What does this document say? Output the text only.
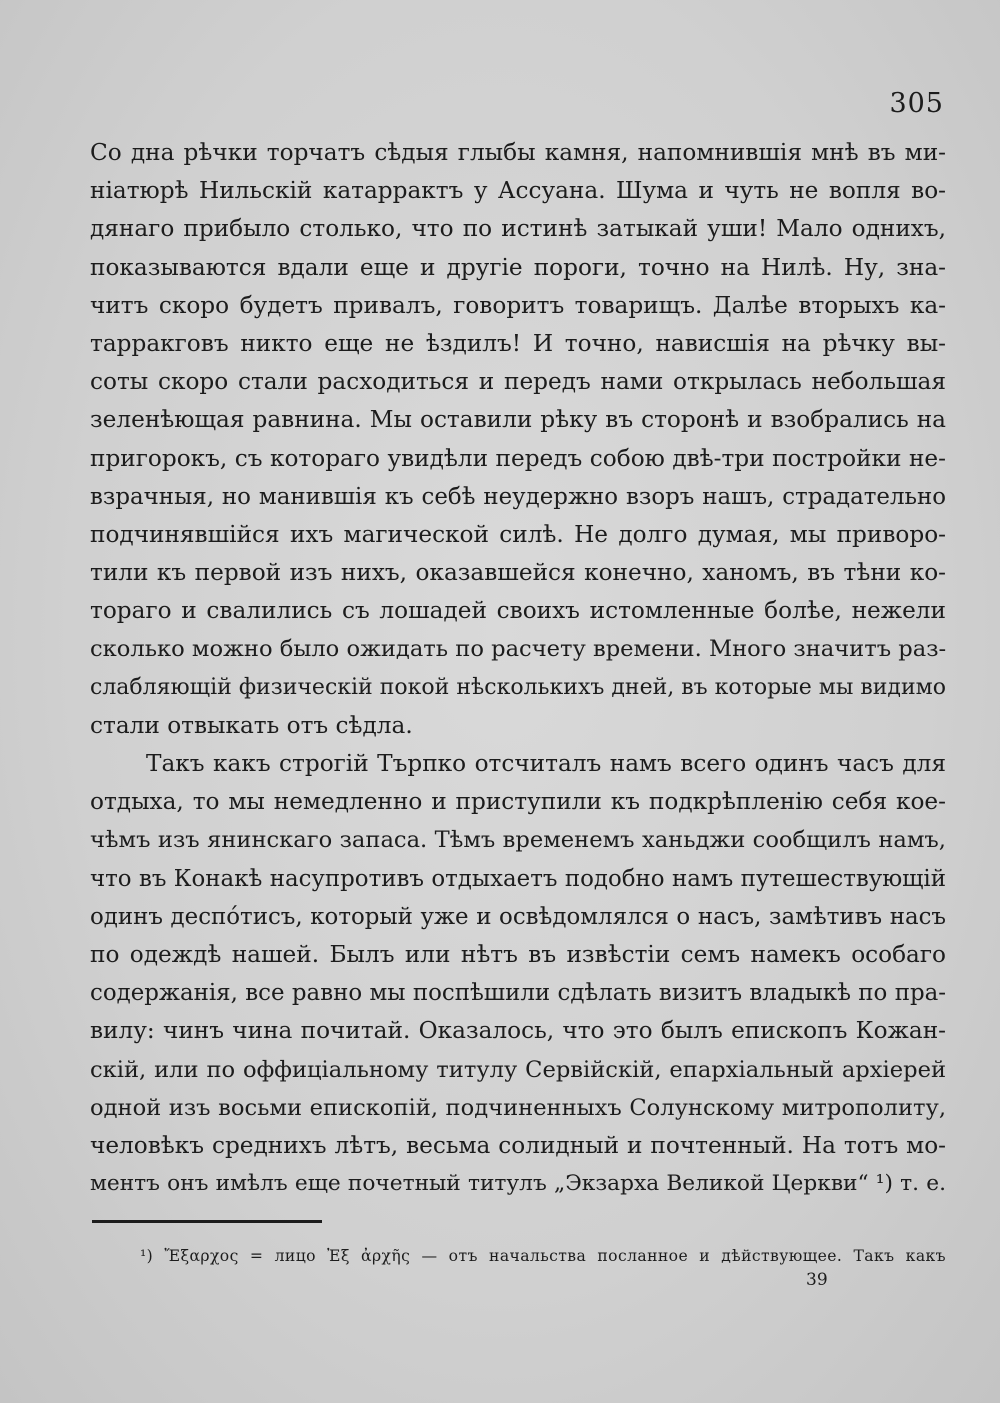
305
Со дна рѣчки торчатъ сѣдыя глыбы камня, напомнившія мнѣ въ ми-
ніатюрѣ Нильскій катаррактъ у Ассуана. Шума и чуть не вопля во-
дянаго прибыло столько, что по истинѣ затыкай уши! Мало однихъ,
показываются вдали еще и другіе пороги, точно на Нилѣ. Ну, зна-
читъ скоро будетъ привалъ, говоритъ товарищъ. Далѣе вторыхъ ка-
тарракговъ никто еще не ѣздилъ! И точно, нависшія на рѣчку вы-
соты скоро стали расходиться и передъ нами открылась небольшая
зеленѣющая равнина. Мы оставили рѣку въ сторонѣ и взобрались на
пригорокъ, съ котораго увидѣли передъ собою двѣ-три постройки не-
взрачныя, но манившія къ себѣ неудержно взоръ нашъ, страдательно
подчинявшійся ихъ магической силѣ. Не долго думая, мы приворо-
тили къ первой изъ нихъ, оказавшейся конечно, ханомъ, въ тѣни ко-
тораго и свалились съ лошадей своихъ истомленные болѣе, нежели
сколько можно было ожидать по расчету времени. Много значитъ раз-
слабляющій физическій покой нѣсколькихъ дней, въ которые мы видимо
стали отвыкать отъ сѣдла.
Такъ какъ строгій Търпко отсчиталъ намъ всего одинъ часъ для
отдыха, то мы немедленно и приступили къ подкрѣпленію себя кое-
чѣмъ изъ янинскаго запаса. Тѣмъ временемъ ханьджи сообщилъ намъ,
что въ Конакѣ насупротивъ отдыхаетъ подобно намъ путешествующій
одинъ деспо́тисъ, который уже и освѣдомлялся о насъ, замѣтивъ насъ
по одеждѣ нашей. Былъ или нѣтъ въ извѣстіи семъ намекъ особаго
содержанія, все равно мы поспѣшили сдѣлать визитъ владыкѣ по пра-
вилу: чинъ чина почитай. Оказалось, что это былъ епископъ Кожан-
скій, или по оффиціальному титулу Сервійскій, епархіальный архіерей
одной изъ восьми епископій, подчиненныхъ Солунскому митрополиту,
человѣкъ среднихъ лѣтъ, весьма солидный и почтенный. На тотъ мо-
ментъ онъ имѣлъ еще почетный титулъ „Экзарха Великой Церкви“ ¹) т. е.
¹) Ἔξαρχος = лицо Ἐξ ἀρχῆς — отъ начальства посланное и дѣйствующее. Такъ какъ
39
